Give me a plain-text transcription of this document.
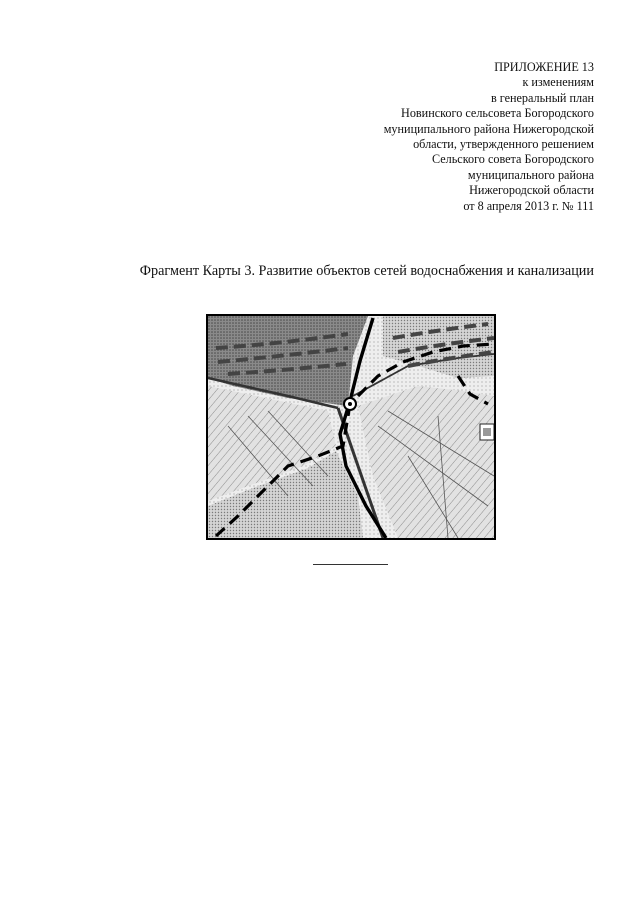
ПРИЛОЖЕНИЕ 13
к изменениям
в генеральный план
Новинского сельсовета Богородского
муниципального района Нижегородской
области, утвержденного решением
Сельского совета Богородского
муниципального района
Нижегородской области
от 8 апреля 2013 г. № 111
Фрагмент Карты 3. Развитие объектов сетей водоснабжения и канализации
